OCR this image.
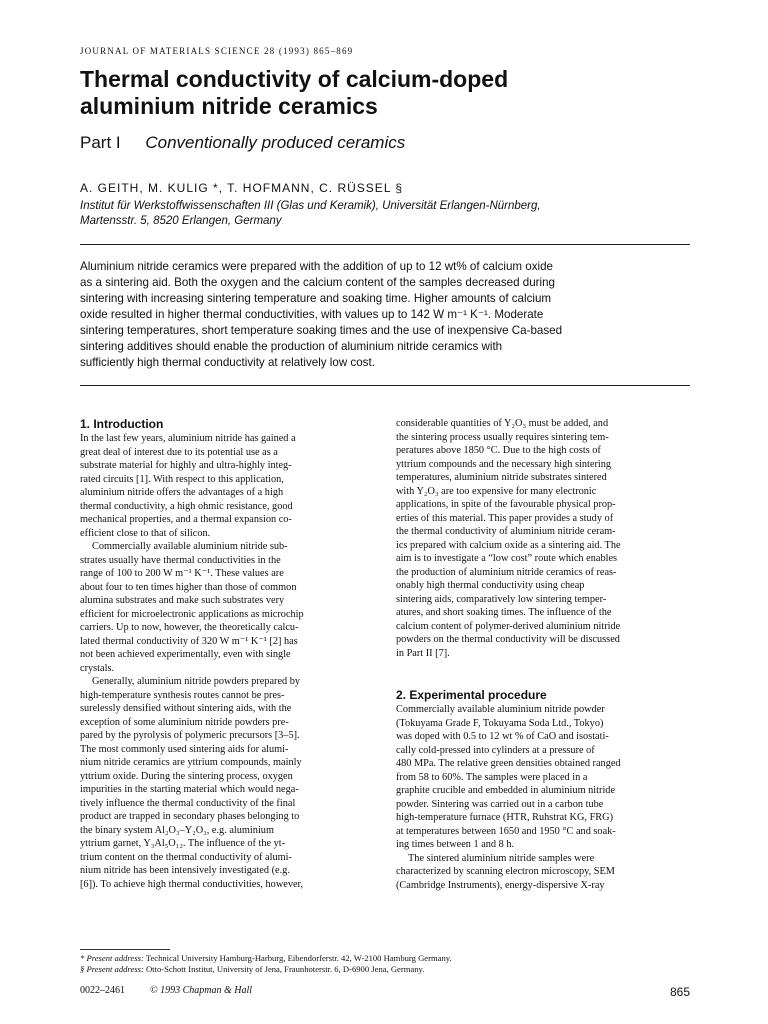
JOURNAL OF MATERIALS SCIENCE 28 (1993) 865–869
Thermal conductivity of calcium-doped
aluminium nitride ceramics
Part I Conventionally produced ceramics
A. GEITH, M. KULIG *, T. HOFMANN, C. RÜSSEL §
Institut für Werkstoffwissenschaften III (Glas und Keramik), Universität Erlangen-Nürnberg,
Martensstr. 5, 8520 Erlangen, Germany
Aluminium nitride ceramics were prepared with the addition of up to 12 wt% of calcium oxide
as a sintering aid. Both the oxygen and the calcium content of the samples decreased during
sintering with increasing sintering temperature and soaking time. Higher amounts of calcium
oxide resulted in higher thermal conductivities, with values up to 142 W m⁻¹ K⁻¹. Moderate
sintering temperatures, short temperature soaking times and the use of inexpensive Ca-based
sintering additives should enable the production of aluminium nitride ceramics with
sufficiently high thermal conductivity at relatively low cost.
1. Introduction

In the last few years, aluminium nitride has gained a
great deal of interest due to its potential use as a
substrate material for highly and ultra-highly integ-
rated circuits [1]. With respect to this application,
aluminium nitride offers the advantages of a high
thermal conductivity, a high ohmic resistance, good
mechanical properties, and a thermal expansion co-
efficient close to that of silicon.

Commercially available aluminium nitride sub-
strates usually have thermal conductivities in the
range of 100 to 200 W m⁻¹ K⁻¹. These values are
about four to ten times higher than those of common
alumina substrates and make such substrates very
efficient for microelectronic applications as microchip
carriers. Up to now, however, the theoretically calcu-
lated thermal conductivity of 320 W m⁻¹ K⁻¹ [2] has
not been achieved experimentally, even with single
crystals.

Generally, aluminium nitride powders prepared by
high-temperature synthesis routes cannot be pres-
surelessly densified without sintering aids, with the
exception of some aluminium nitride powders pre-
pared by the pyrolysis of polymeric precursors [3–5].
The most commonly used sintering aids for alumi-
nium nitride ceramics are yttrium compounds, mainly
yttrium oxide. During the sintering process, oxygen
impurities in the starting material which would nega-
tively influence the thermal conductivity of the final
product are trapped in secondary phases belonging to
the binary system Al₂O₃–Y₂O₃, e.g. aluminium
yttrium garnet, Y₃Al₅O₁₂. The influence of the yt-
trium content on the thermal conductivity of alumi-
nium nitride has been intensively investigated (e.g.
[6]). To achieve high thermal conductivities, however,

considerable quantities of Y₂O₃ must be added, and
the sintering process usually requires sintering tem-
peratures above 1850 °C. Due to the high costs of
yttrium compounds and the necessary high sintering
temperatures, aluminium nitride substrates sintered
with Y₂O₃ are too expensive for many electronic
applications, in spite of the favourable physical prop-
erties of this material. This paper provides a study of
the thermal conductivity of aluminium nitride ceram-
ics prepared with calcium oxide as a sintering aid. The
aim is to investigate a “low cost” route which enables
the production of aluminium nitride ceramics of reas-
onably high thermal conductivity using cheap
sintering aids, comparatively low sintering temper-
atures, and short soaking times. The influence of the
calcium content of polymer-derived aluminium nitride
powders on the thermal conductivity will be discussed
in Part II [7].

2. Experimental procedure

Commercially available aluminium nitride powder
(Tokuyama Grade F, Tokuyama Soda Ltd., Tokyo)
was doped with 0.5 to 12 wt % of CaO and isostati-
cally cold-pressed into cylinders at a pressure of
480 MPa. The relative green densities obtained ranged
from 58 to 60%. The samples were placed in a
graphite crucible and embedded in aluminium nitride
powder. Sintering was carried out in a carbon tube
high-temperature furnace (HTR, Ruhstrat KG, FRG)
at temperatures between 1650 and 1950 °C and soak-
ing times between 1 and 8 h.

The sintered aluminium nitride samples were
characterized by scanning electron microscopy, SEM
(Cambridge Instruments), energy-dispersive X-ray

* Present address: Technical University Hamburg-Harburg, Eibendorferstr. 42, W-2100 Hamburg Germany.
§ Present address: Otto-Schott Institut, University of Jena, Fraunhoterstr. 6, D-6900 Jena, Germany.
0022–2461	© 1993 Chapman & Hall	865
